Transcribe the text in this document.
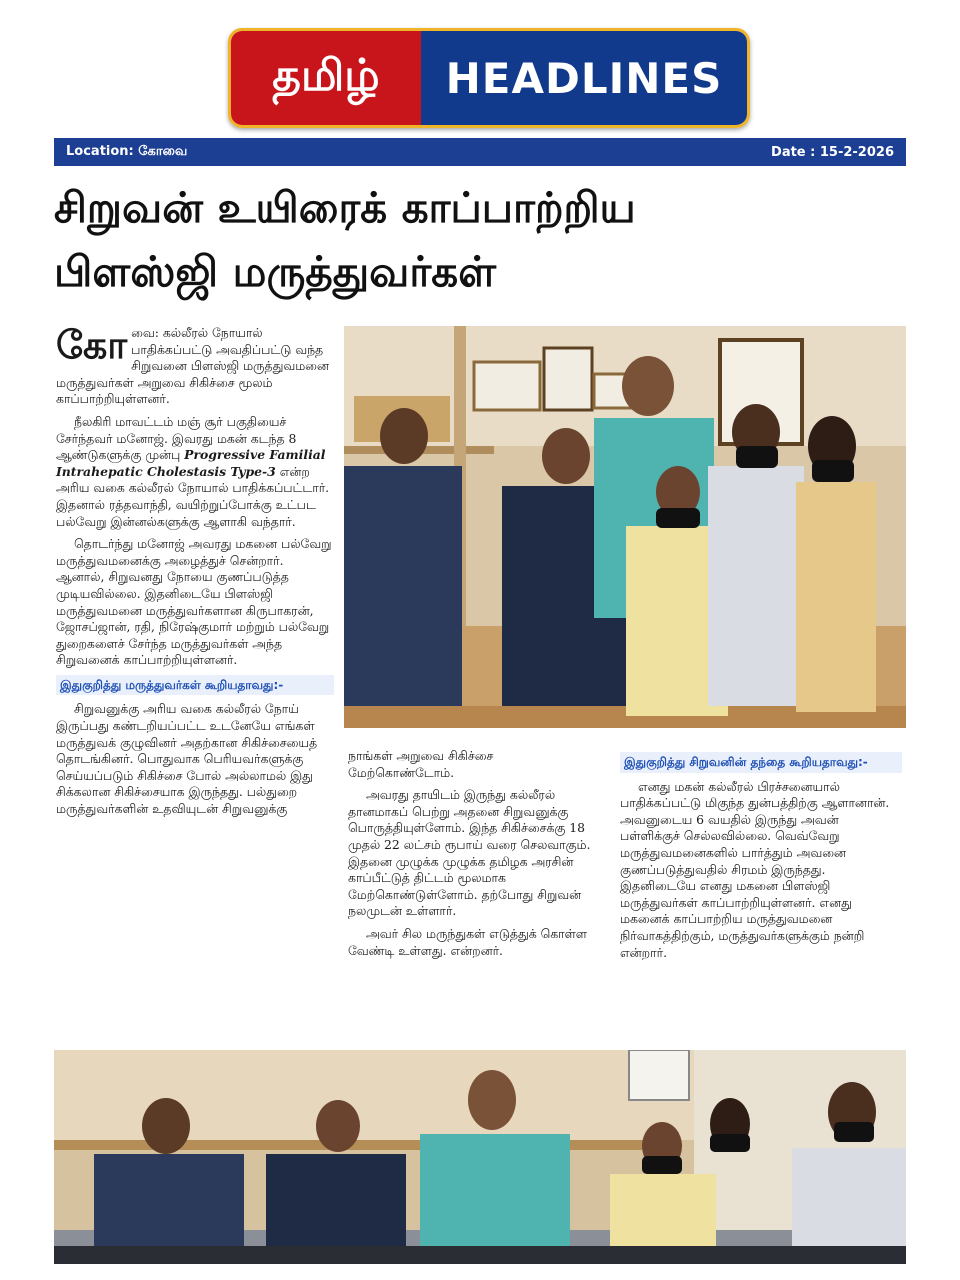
தமிழ்	HEADLINES
Location: கோவை	Date : 15-2-2026
சிறுவன் உயிரைக் காப்பாற்றிய
பிளஸ்ஜி மருத்துவர்கள்

கோவை: கல்லீரல் நோயால் பாதிக்கப்பட்டு அவதிப்பட்டு வந்த சிறுவனை பிளஸ்ஜி மருத்துவமனை மருத்துவர்கள் அறுவை சிகிச்சை மூலம் காப்பாற்றியுள்ளனர்.

நீலகிரி மாவட்டம் மஞ் சூர் பகுதியைச் சேர்ந்தவர் மனோஜ். இவரது மகன் கடந்த 8 ஆண்டுகளுக்கு முன்பு Progressive Familial Intrahepatic Cholestasis Type-3 என்ற அரிய வகை கல்லீரல் நோயால் பாதிக்கப்பட்டார். இதனால் ரத்தவாந்தி, வயிற்றுப்போக்கு உட்பட பல்வேறு இன்னல்களுக்கு ஆளாகி வந்தார்.

தொடர்ந்து மனோஜ் அவரது மகனை பல்வேறு மருத்துவமனைக்கு அழைத்துச் சென்றார். ஆனால், சிறுவனது நோயை குணப்படுத்த முடியவில்லை. இதனிடையே பிளஸ்ஜி மருத்துவமனை மருத்துவர்களான கிருபாகரன், ஜோசப்ஜான், ரதி, நிரேஷ்குமார் மற்றும் பல்வேறு துறைகளைச் சேர்ந்த மருத்துவர்கள் அந்த சிறுவனைக் காப்பாற்றியுள்ளனர்.

இதுகுறித்து மருத்துவர்கள் கூறியதாவது:-

சிறுவனுக்கு அரிய வகை கல்லீரல் நோய் இருப்பது கண்டறியப்பட்ட உடனேயே எங்கள் மருத்துவக் குழுவினர் அதற்கான சிகிச்சையைத் தொடங்கினர். பொதுவாக பெரியவர்களுக்கு செய்யப்படும் சிகிச்சை போல் அல்லாமல் இது சிக்கலான சிகிச்சையாக இருந்தது. பல்துறை மருத்துவர்களின் உதவியுடன் சிறுவனுக்கு

நாங்கள் அறுவை சிகிச்சை மேற்கொண்டோம்.

அவரது தாயிடம் இருந்து கல்லீரல் தானமாகப் பெற்று அதனை சிறுவனுக்கு பொருத்தியுள்ளோம். இந்த சிகிச்சைக்கு 18 முதல் 22 லட்சம் ரூபாய் வரை செலவாகும். இதனை முழுக்க முழுக்க தமிழக அரசின் காப்பீட்டுத் திட்டம் மூலமாக மேற்கொண்டுள்ளோம். தற்போது சிறுவன் நலமுடன் உள்ளார்.

அவர் சில மருந்துகள் எடுத்துக் கொள்ள வேண்டி உள்ளது. என்றனர்.

இதுகுறித்து சிறுவனின் தந்தை கூறியதாவது:-

எனது மகன் கல்லீரல் பிரச்சனையால் பாதிக்கப்பட்டு மிகுந்த துன்பத்திற்கு ஆளானான். அவனுடைய 6 வயதில் இருந்து அவன் பள்ளிக்குச் செல்லவில்லை. வெவ்வேறு மருத்துவமனைகளில் பார்த்தும் அவனை குணப்படுத்துவதில் சிரமம் இருந்தது. இதனிடையே எனது மகனை பிளஸ்ஜி மருத்துவர்கள் காப்பாற்றியுள்ளனர். எனது மகனைக் காப்பாற்றிய மருத்துவமனை நிர்வாகத்திற்கும், மருத்துவர்களுக்கும் நன்றி என்றார்.
